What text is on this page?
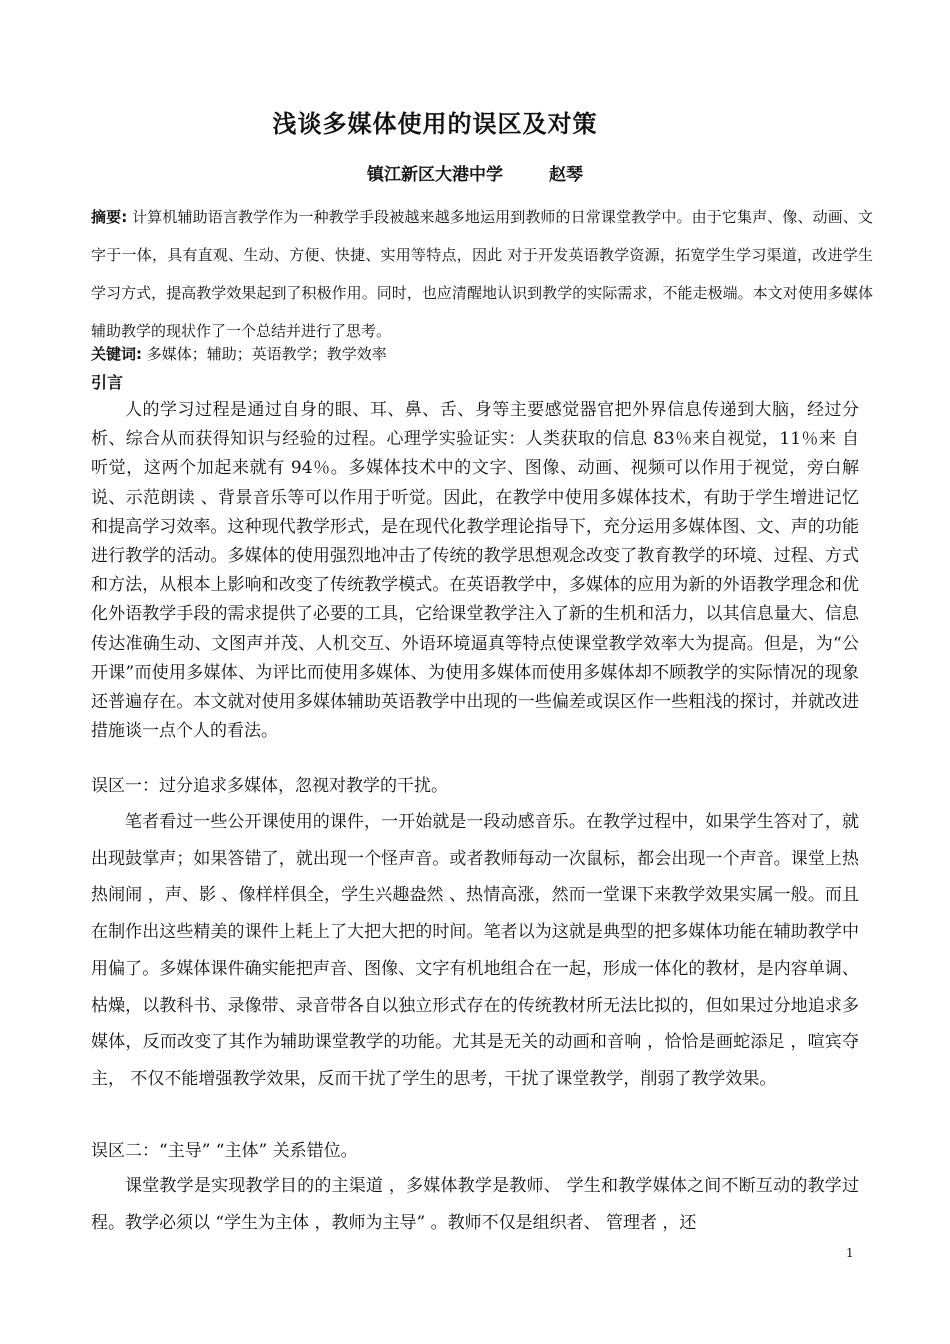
浅谈多媒体使用的误区及对策
镇江新区大港中学	赵琴
摘要: 计算机辅助语言教学作为一种教学手段被越来越多地运用到教师的日常课堂教学中。由于它集声、像、动画、文字于一体，具有直观、生动、方便、快捷、实用等特点，因此 对于开发英语教学资源，拓宽学生学习渠道，改进学生学习方式，提高教学效果起到了积极作用。同时，也应清醒地认识到教学的实际需求，不能走极端。本文对使用多媒体辅助教学的现状作了一个总结并进行了思考。
关键词: 多媒体；辅助；英语教学；教学效率
引言

人的学习过程是通过自身的眼、耳、鼻、舌、身等主要感觉器官把外界信息传递到大脑，经过分析、综合从而获得知识与经验的过程。心理学实验证实：人类获取的信息 83％来自视觉，11％来 自听觉，这两个加起来就有 94％。多媒体技术中的文字、图像、动画、视频可以作用于视觉，旁白解说、示范朗读 、背景音乐等可以作用于听觉。因此，在教学中使用多媒体技术，有助于学生增进记忆和提高学习效率。这种现代教学形式，是在现代化教学理论指导下，充分运用多媒体图、文、声的功能进行教学的活动。多媒体的使用强烈地冲击了传统的教学思想观念改变了教育教学的环境、过程、方式和方法，从根本上影响和改变了传统教学模式。在英语教学中，多媒体的应用为新的外语教学理念和优化外语教学手段的需求提供了必要的工具，它给课堂教学注入了新的生机和活力，以其信息量大、信息传达准确生动、文图声并茂、人机交互、外语环境逼真等特点使课堂教学效率大为提高。但是，为“公开课”而使用多媒体、为评比而使用多媒体、为使用多媒体而使用多媒体却不顾教学的实际情况的现象还普遍存在。本文就对使用多媒体辅助英语教学中出现的一些偏差或误区作一些粗浅的探讨，并就改进措施谈一点个人的看法。

误区一：过分追求多媒体，忽视对教学的干扰。

笔者看过一些公开课使用的课件，一开始就是一段动感音乐。在教学过程中，如果学生答对了，就出现鼓掌声；如果答错了，就出现一个怪声音。或者教师每动一次鼠标，都会出现一个声音。课堂上热热闹闹 ，声、影 、像样样俱全，学生兴趣盎然 、热情高涨，然而一堂课下来教学效果实属一般。而且在制作出这些精美的课件上耗上了大把大把的时间。笔者以为这就是典型的把多媒体功能在辅助教学中用偏了。多媒体课件确实能把声音、图像、文字有机地组合在一起，形成一体化的教材，是内容单调、枯燥，以教科书、录像带、录音带各自以独立形式存在的传统教材所无法比拟的，但如果过分地追求多媒体，反而改变了其作为辅助课堂教学的功能。尤其是无关的动画和音响 ，恰恰是画蛇添足 ，喧宾夺主， 不仅不能增强教学效果，反而干扰了学生的思考，干扰了课堂教学，削弱了教学效果。

误区二：“主导” “主体” 关系错位。

课堂教学是实现教学目的的主渠道 ，多媒体教学是教师、 学生和教学媒体之间不断互动的教学过程。教学必须以 “学生为主体 ，教师为主导” 。教师不仅是组织者、 管理者 ，还

1
